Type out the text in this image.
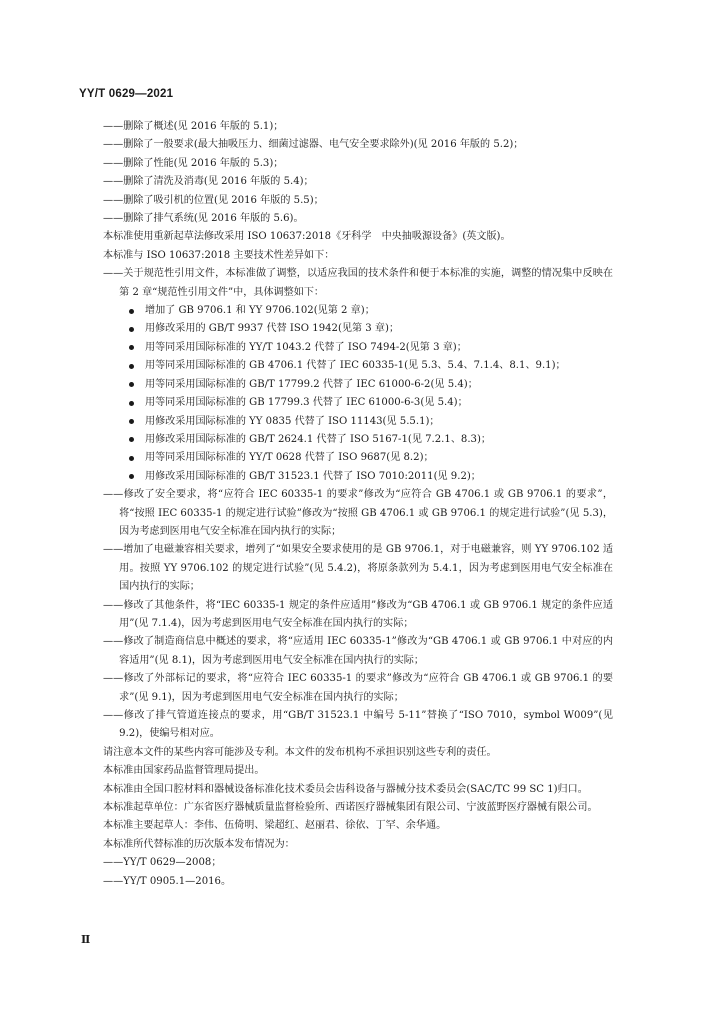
YY/T 0629—2021

—— 删除了概述(见 2016 年版的 5.1)；

—— 删除了一般要求(最大抽吸压力、细菌过滤器、电气安全要求除外)(见 2016 年版的 5.2)；

—— 删除了性能(见 2016 年版的 5.3)；

—— 删除了清洗及消毒(见 2016 年版的 5.4)；

—— 删除了吸引机的位置(见 2016 年版的 5.5)；

—— 删除了排气系统(见 2016 年版的 5.6)。

本标准使用重新起草法修改采用 ISO 10637:2018《牙科学　中央抽吸源设备》(英文版)。

本标准与 ISO 10637:2018 主要技术性差异如下：

—— 关于规范性引用文件，本标准做了调整，以适应我国的技术条件和便于本标准的实施，调整的情况集中反映在第 2 章“规范性引用文件”中，具体调整如下：

增加了 GB 9706.1 和 YY 9706.102(见第 2 章)；

用修改采用的 GB/T 9937 代替 ISO 1942(见第 3 章)；

用等同采用国际标准的 YY/T 1043.2 代替了 ISO 7494-2(见第 3 章)；

用等同采用国际标准的 GB 4706.1 代替了 IEC 60335-1(见 5.3、5.4、7.1.4、8.1、9.1)；

用等同采用国际标准的 GB/T 17799.2 代替了 IEC 61000-6-2(见 5.4)；

用等同采用国际标准的 GB 17799.3 代替了 IEC 61000-6-3(见 5.4)；

用修改采用国际标准的 YY 0835 代替了 ISO 11143(见 5.5.1)；

用修改采用国际标准的 GB/T 2624.1 代替了 ISO 5167-1(见 7.2.1、8.3)；

用等同采用国际标准的 YY/T 0628 代替了 ISO 9687(见 8.2)；

用修改采用国际标准的 GB/T 31523.1 代替了 ISO 7010:2011(见 9.2)；

—— 修改了安全要求，将“应符合 IEC 60335-1 的要求”修改为“应符合 GB 4706.1 或 GB 9706.1 的要求”，将“按照 IEC 60335-1 的规定进行试验”修改为“按照 GB 4706.1 或 GB 9706.1 的规定进行试验”(见 5.3)，因为考虑到医用电气安全标准在国内执行的实际；

—— 增加了电磁兼容相关要求，增列了“如果安全要求使用的是 GB 9706.1，对于电磁兼容，则 YY 9706.102 适用。按照 YY 9706.102 的规定进行试验”(见 5.4.2)，将原条款列为 5.4.1，因为考虑到医用电气安全标准在国内执行的实际；

—— 修改了其他条件，将“IEC 60335-1 规定的条件应适用”修改为“GB 4706.1 或 GB 9706.1 规定的条件应适用”(见 7.1.4)，因为考虑到医用电气安全标准在国内执行的实际；

—— 修改了制造商信息中概述的要求，将“应适用 IEC 60335-1”修改为“GB 4706.1 或 GB 9706.1 中对应的内容适用”(见 8.1)，因为考虑到医用电气安全标准在国内执行的实际；

—— 修改了外部标记的要求，将“应符合 IEC 60335-1 的要求”修改为“应符合 GB 4706.1 或 GB 9706.1 的要求”(见 9.1)，因为考虑到医用电气安全标准在国内执行的实际；

—— 修改了排气管道连接点的要求，用“GB/T 31523.1 中编号 5-11”替换了“ISO 7010，symbol W009”(见 9.2)，使编号相对应。

请注意本文件的某些内容可能涉及专利。本文件的发布机构不承担识别这些专利的责任。

本标准由国家药品监督管理局提出。

本标准由全国口腔材料和器械设备标准化技术委员会齿科设备与器械分技术委员会(SAC/TC 99 SC 1)归口。

本标准起草单位：广东省医疗器械质量监督检验所、西诺医疗器械集团有限公司、宁波蓝野医疗器械有限公司。

本标准主要起草人：李伟、伍倚明、梁超红、赵丽君、徐依、丁罕、余华通。

本标准所代替标准的历次版本发布情况为：

—— YY/T 0629—2008；

—— YY/T 0905.1—2016。

Ⅱ
